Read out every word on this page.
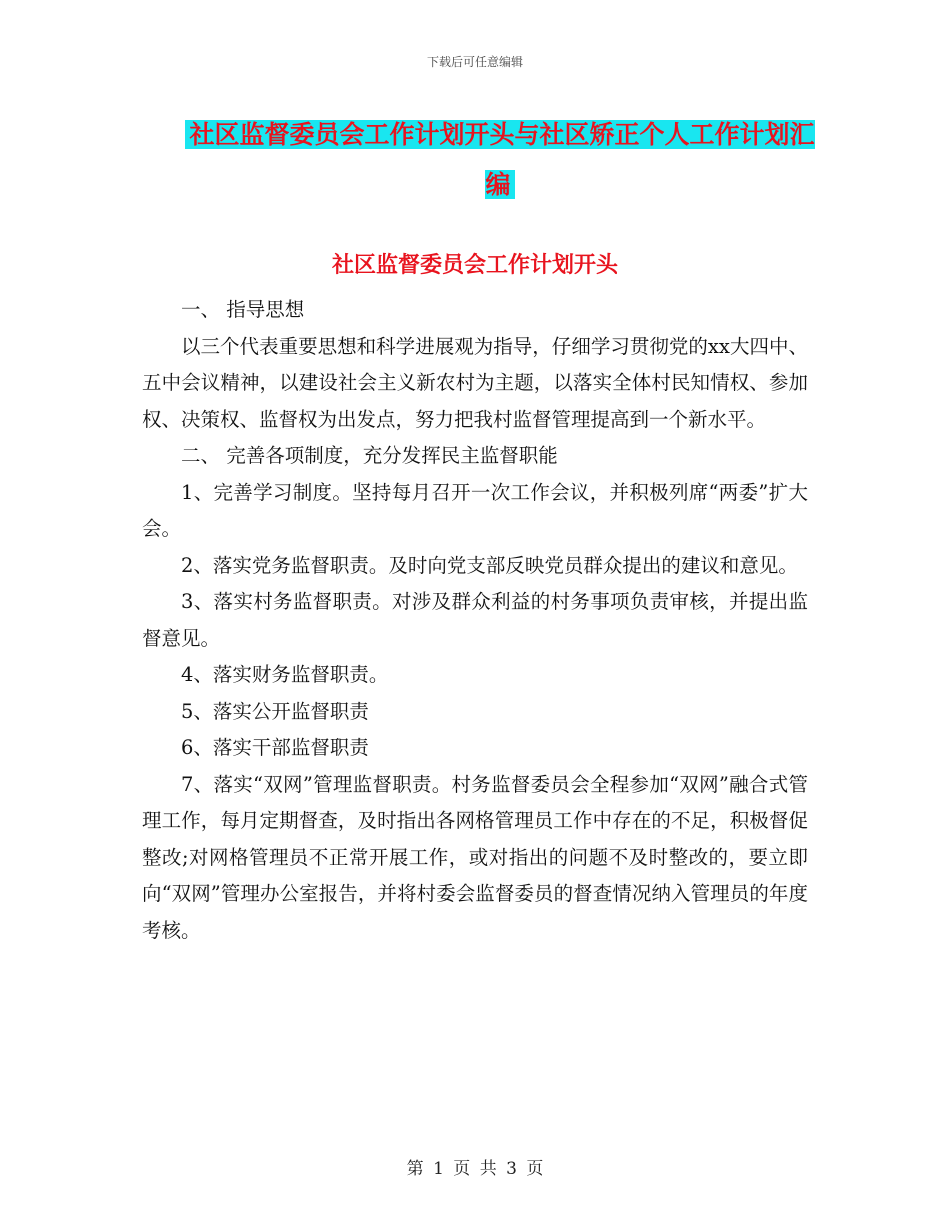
下载后可任意编辑
社区监督委员会工作计划开头与社区矫正个人工作计划汇编
社区监督委员会工作计划开头

一、 指导思想

以三个代表重要思想和科学进展观为指导，仔细学习贯彻党的xx大四中、五中会议精神，以建设社会主义新农村为主题，以落实全体村民知情权、参加权、决策权、监督权为出发点，努力把我村监督管理提高到一个新水平。

二、 完善各项制度，充分发挥民主监督职能

1、完善学习制度。坚持每月召开一次工作会议，并积极列席“两委”扩大会。

2、落实党务监督职责。及时向党支部反映党员群众提出的建议和意见。

3、落实村务监督职责。对涉及群众利益的村务事项负责审核，并提出监督意见。

4、落实财务监督职责。

5、落实公开监督职责

6、落实干部监督职责

7、落实“双网”管理监督职责。村务监督委员会全程参加“双网”融合式管理工作，每月定期督查，及时指出各网格管理员工作中存在的不足，积极督促整改;对网格管理员不正常开展工作，或对指出的问题不及时整改的，要立即向“双网”管理办公室报告，并将村委会监督委员的督查情况纳入管理员的年度考核。

第 1 页 共 3 页
